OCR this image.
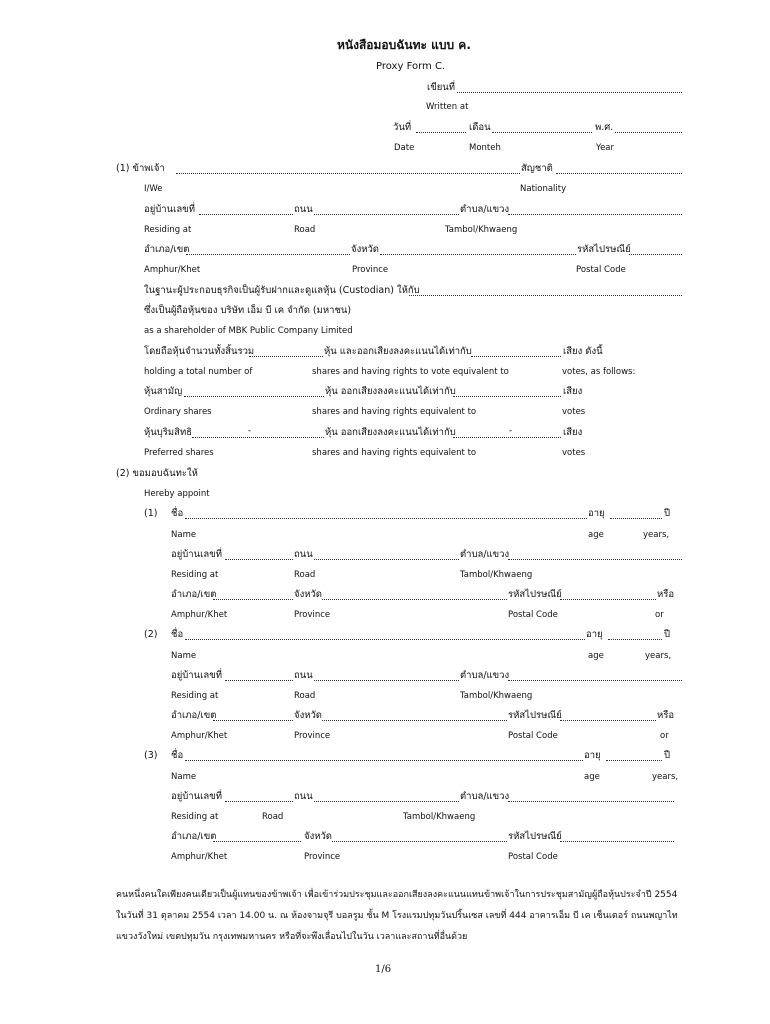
หนังสือมอบฉันทะ แบบ ค.
Proxy Form C.
เขียนที่
Written at
วันที่	เดือน	พ.ศ.
Date	Monteh	Year
(1) ข้าพเจ้า	สัญชาติ
I/We	Nationality
อยู่บ้านเลขที่	ถนน	ตำบล/แขวง
Residing at	Road	Tambol/Khwaeng
อำเภอ/เขต	จังหวัด	รหัสไปรษณีย์
Amphur/Khet	Province	Postal Code
ในฐานะผู้ประกอบธุรกิจเป็นผู้รับฝากและดูแลหุ้น (Custodian) ให้กับ
ซึ่งเป็นผู้ถือหุ้นของ บริษัท เอ็ม บี เค จำกัด (มหาชน)
as a shareholder of MBK Public Company Limited
โดยถือหุ้นจำนวนทั้งสิ้นรวม	หุ้น และออกเสียงลงคะแนนได้เท่ากับ	เสียง ดังนี้
holding a total number of	shares and having rights to vote equivalent to	votes, as follows:
หุ้นสามัญ	หุ้น ออกเสียงลงคะแนนได้เท่ากับ	เสียง
Ordinary shares	shares and having rights equivalent to	votes
หุ้นบุริมสิทธิ	-	หุ้น ออกเสียงลงคะแนนได้เท่ากับ	-	เสียง
Preferred shares	shares and having rights equivalent to	votes
(2) ขอมอบฉันทะให้
Hereby appoint
(1) ชื่อ	อายุ	ปี
Name	age	years,
อยู่บ้านเลขที่	ถนน	ตำบล/แขวง
Residing at	Road	Tambol/Khwaeng
อำเภอ/เขต	จังหวัด	รหัสไปรษณีย์	หรือ
Amphur/Khet	Province	Postal Code	or
(2) ชื่อ	อายุ	ปี
Name	age	years,
อยู่บ้านเลขที่	ถนน	ตำบล/แขวง
Residing at	Road	Tambol/Khwaeng
อำเภอ/เขต	จังหวัด	รหัสไปรษณีย์	หรือ
Amphur/Khet	Province	Postal Code	or
(3) ชื่อ	อายุ	ปี
Name	age	years,
อยู่บ้านเลขที่	ถนน	ตำบล/แขวง
Residing at	Road	Tambol/Khwaeng
อำเภอ/เขต	จังหวัด	รหัสไปรษณีย์
Amphur/Khet	Province	Postal Code
คนหนึ่งคนใดเพียงคนเดียวเป็นผู้แทนของข้าพเจ้า เพื่อเข้าร่วมประชุมและออกเสียงลงคะแนนแทนข้าพเจ้าในการประชุมสามัญผู้ถือหุ้นประจำปี 2554
ในวันที่ 31 ตุลาคม 2554 เวลา 14.00 น. ณ ห้องจามจุรี บอลรูม ชั้น M โรงแรมปทุมวันปริ้นเซส เลขที่ 444 อาคารเอ็ม บี เค เซ็นเตอร์ ถนนพญาไท
แขวงวังใหม่ เขตปทุมวัน กรุงเทพมหานคร หรือที่จะพึงเลื่อนไปในวัน เวลาและสถานที่อื่นด้วย
1/6
